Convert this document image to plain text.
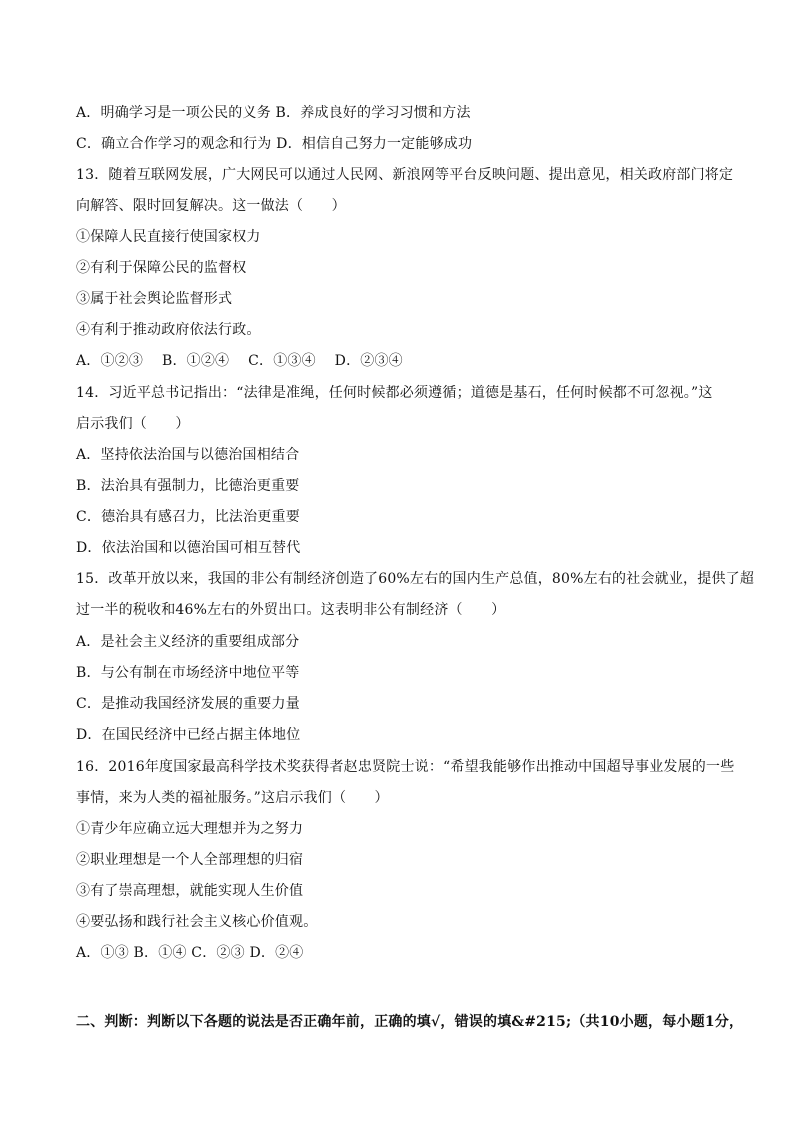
A．明确学习是一项公民的义务 B．养成良好的学习习惯和方法
C．确立合作学习的观念和行为 D．相信自己努力一定能够成功
13．随着互联网发展，广大网民可以通过人民网、新浪网等平台反映问题、提出意见，相关政府部门将定
向解答、限时回复解决。这一做法（　　）
①保障人民直接行使国家权力
②有利于保障公民的监督权
③属于社会舆论监督形式
④有利于推动政府依法行政。
A．①②③　 B．①②④　 C．①③④　 D．②③④
14．习近平总书记指出：“法律是准绳，任何时候都必须遵循；道德是基石，任何时候都不可忽视。”这
启示我们（　　）
A．坚持依法治国与以德治国相结合
B．法治具有强制力，比德治更重要
C．德治具有感召力，比法治更重要
D．依法治国和以德治国可相互替代
15．改革开放以来，我国的非公有制经济创造了60%左右的国内生产总值，80%左右的社会就业，提供了超
过一半的税收和46%左右的外贸出口。这表明非公有制经济（　　）
A．是社会主义经济的重要组成部分
B．与公有制在市场经济中地位平等
C．是推动我国经济发展的重要力量
D．在国民经济中已经占据主体地位
16．2016年度国家最高科学技术奖获得者赵忠贤院士说：“希望我能够作出推动中国超导事业发展的一些
事情，来为人类的福祉服务。”这启示我们（　　）
①青少年应确立远大理想并为之努力
②职业理想是一个人全部理想的归宿
③有了崇高理想，就能实现人生价值
④要弘扬和践行社会主义核心价值观。
A．①③ B．①④ C．②③ D．②④
二、判断：判断以下各题的说法是否正确年前，正确的填√，错误的填&#215;（共10小题，每小题1分，
